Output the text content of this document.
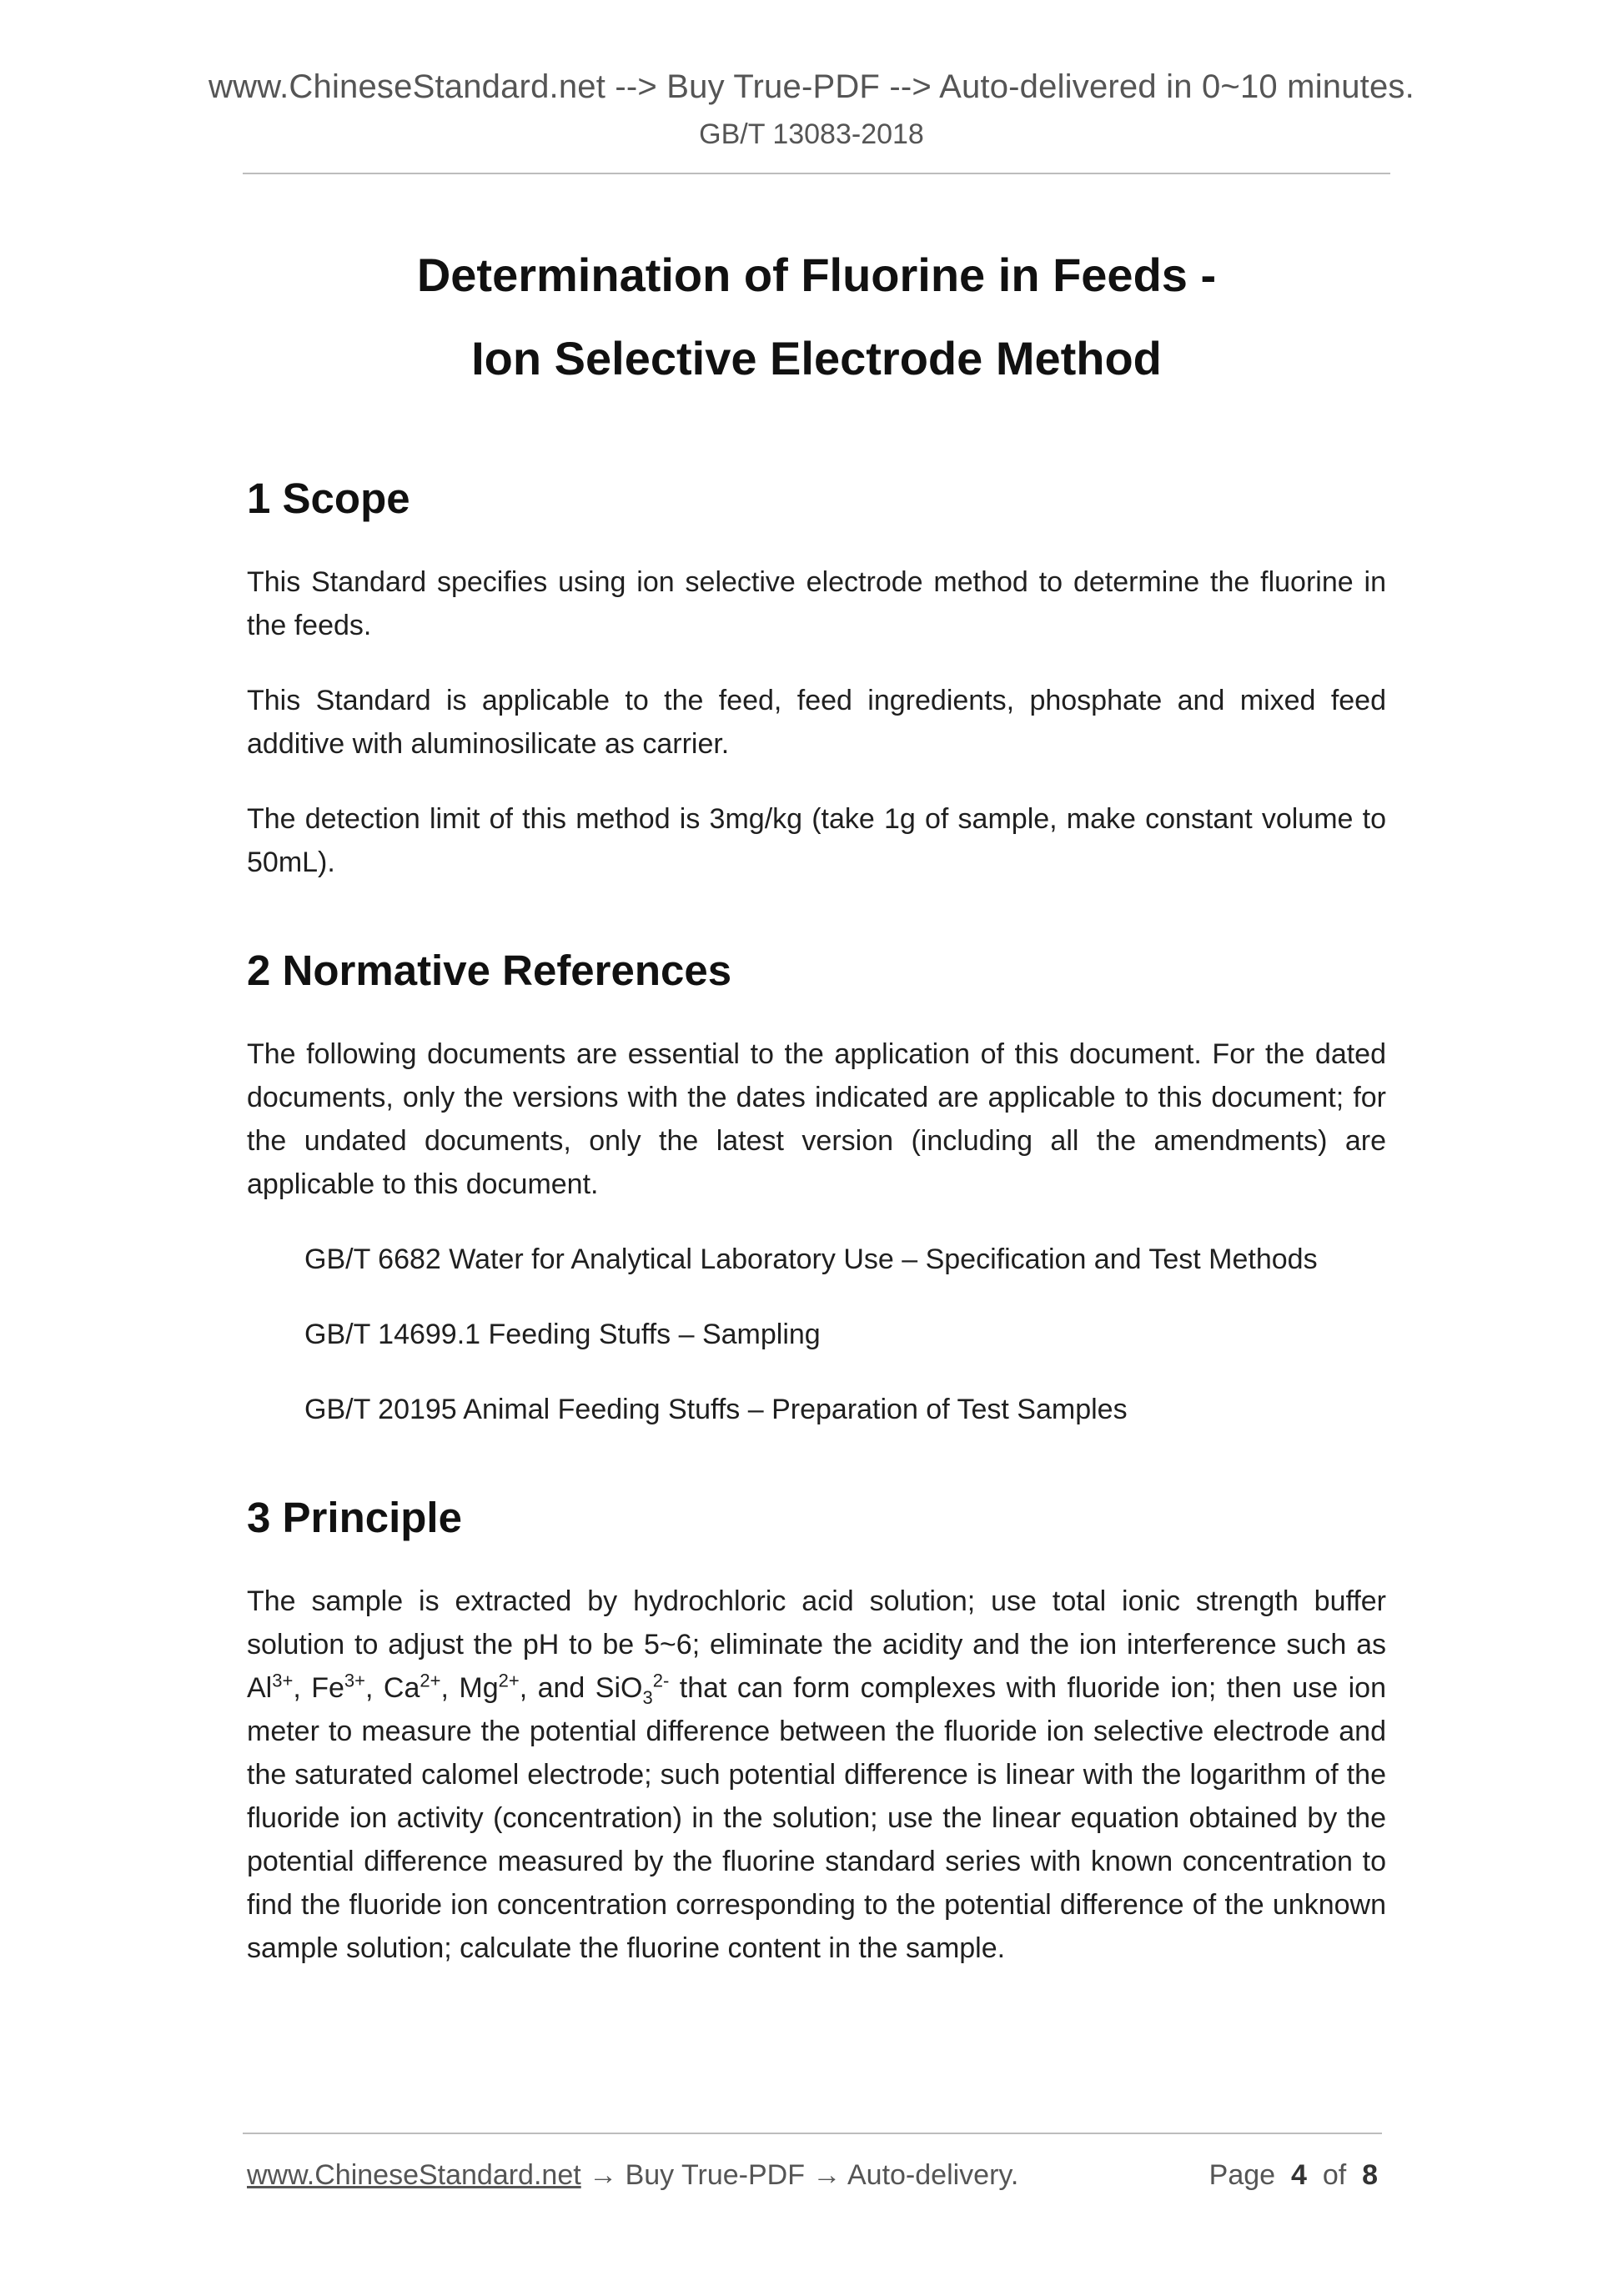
www.ChineseStandard.net --> Buy True-PDF --> Auto-delivered in 0~10 minutes.
GB/T 13083-2018
Determination of Fluorine in Feeds -
Ion Selective Electrode Method
1 Scope

This Standard specifies using ion selective electrode method to determine the fluorine in the feeds.

This Standard is applicable to the feed, feed ingredients, phosphate and mixed feed additive with aluminosilicate as carrier.

The detection limit of this method is 3mg/kg (take 1g of sample, make constant volume to 50mL).

2 Normative References

The following documents are essential to the application of this document. For the dated documents, only the versions with the dates indicated are applicable to this document; for the undated documents, only the latest version (including all the amendments) are applicable to this document.

GB/T 6682 Water for Analytical Laboratory Use – Specification and Test Methods

GB/T 14699.1 Feeding Stuffs – Sampling

GB/T 20195 Animal Feeding Stuffs – Preparation of Test Samples

3 Principle

The sample is extracted by hydrochloric acid solution; use total ionic strength buffer solution to adjust the pH to be 5~6; eliminate the acidity and the ion interference such as $Al^{3+}$, $Fe^{3+}$, $Ca^{2+}$, $Mg^{2+}$, and SiO$_3^{2-}$ that can form complexes with fluoride ion; then use ion meter to measure the potential difference between the fluoride ion selective electrode and the saturated calomel electrode; such potential difference is linear with the logarithm of the fluoride ion activity (concentration) in the solution; use the linear equation obtained by the potential difference measured by the fluorine standard series with known concentration to find the fluoride ion concentration corresponding to the potential difference of the unknown sample solution; calculate the fluorine content in the sample.

www.ChineseStandard.net → Buy True-PDF → Auto-delivery.	Page 4 of 8
